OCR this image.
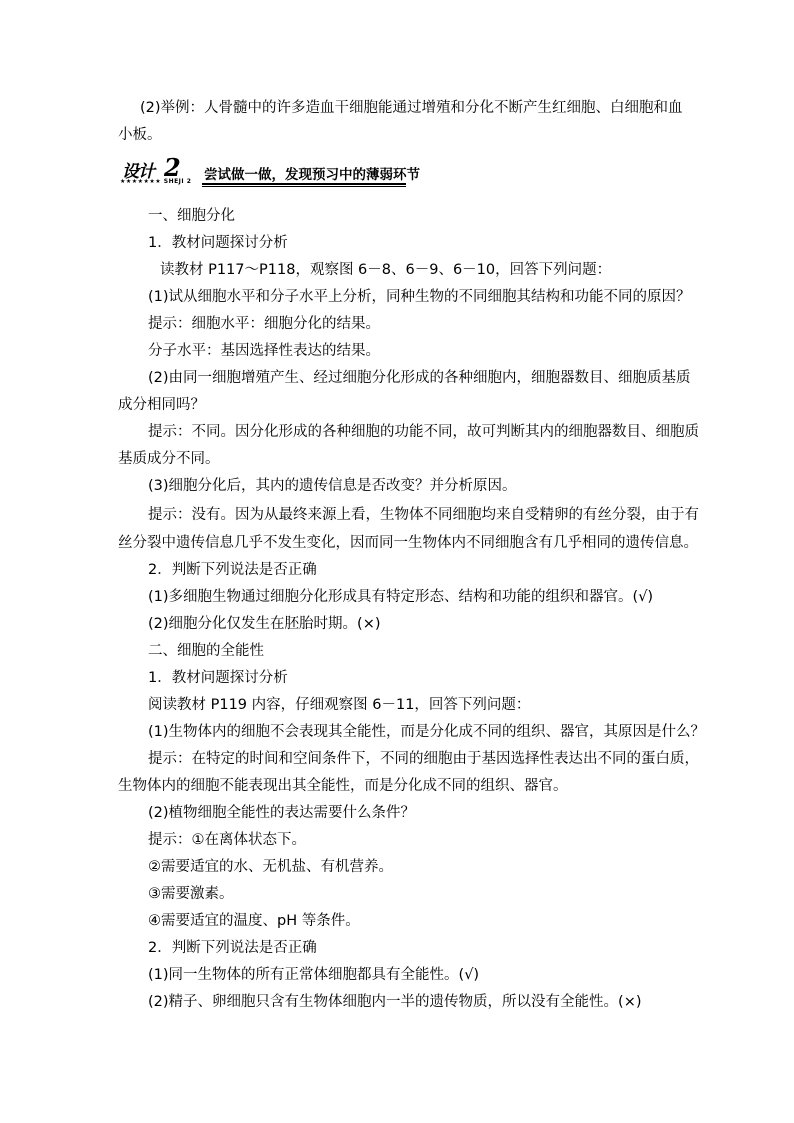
(2)举例：人骨髓中的许多造血干细胞能通过增殖和分化不断产生红细胞、白细胞和血
小板。
设计 2
★★★★★★★ SHEJI 2 尝试做一做，发现预习中的薄弱环节
一、细胞分化
1．教材问题探讨分析
读教材 P117～P118，观察图 6－8、6－9、6－10，回答下列问题：
(1)试从细胞水平和分子水平上分析，同种生物的不同细胞其结构和功能不同的原因？
提示：细胞水平：细胞分化的结果。
分子水平：基因选择性表达的结果。
(2)由同一细胞增殖产生、经过细胞分化形成的各种细胞内，细胞器数目、细胞质基质
成分相同吗？
提示：不同。因分化形成的各种细胞的功能不同，故可判断其内的细胞器数目、细胞质
基质成分不同。
(3)细胞分化后，其内的遗传信息是否改变？并分析原因。
提示：没有。因为从最终来源上看，生物体不同细胞均来自受精卵的有丝分裂，由于有
丝分裂中遗传信息几乎不发生变化，因而同一生物体内不同细胞含有几乎相同的遗传信息。
2．判断下列说法是否正确
(1)多细胞生物通过细胞分化形成具有特定形态、结构和功能的组织和器官。(√)
(2)细胞分化仅发生在胚胎时期。(×)
二、细胞的全能性
1．教材问题探讨分析
阅读教材 P119 内容，仔细观察图 6－11，回答下列问题：
(1)生物体内的细胞不会表现其全能性，而是分化成不同的组织、器官，其原因是什么？
提示：在特定的时间和空间条件下，不同的细胞由于基因选择性表达出不同的蛋白质，
生物体内的细胞不能表现出其全能性，而是分化成不同的组织、器官。
(2)植物细胞全能性的表达需要什么条件？
提示：①在离体状态下。
②需要适宜的水、无机盐、有机营养。
③需要激素。
④需要适宜的温度、pH 等条件。
2．判断下列说法是否正确
(1)同一生物体的所有正常体细胞都具有全能性。(√)
(2)精子、卵细胞只含有生物体细胞内一半的遗传物质，所以没有全能性。(×)
